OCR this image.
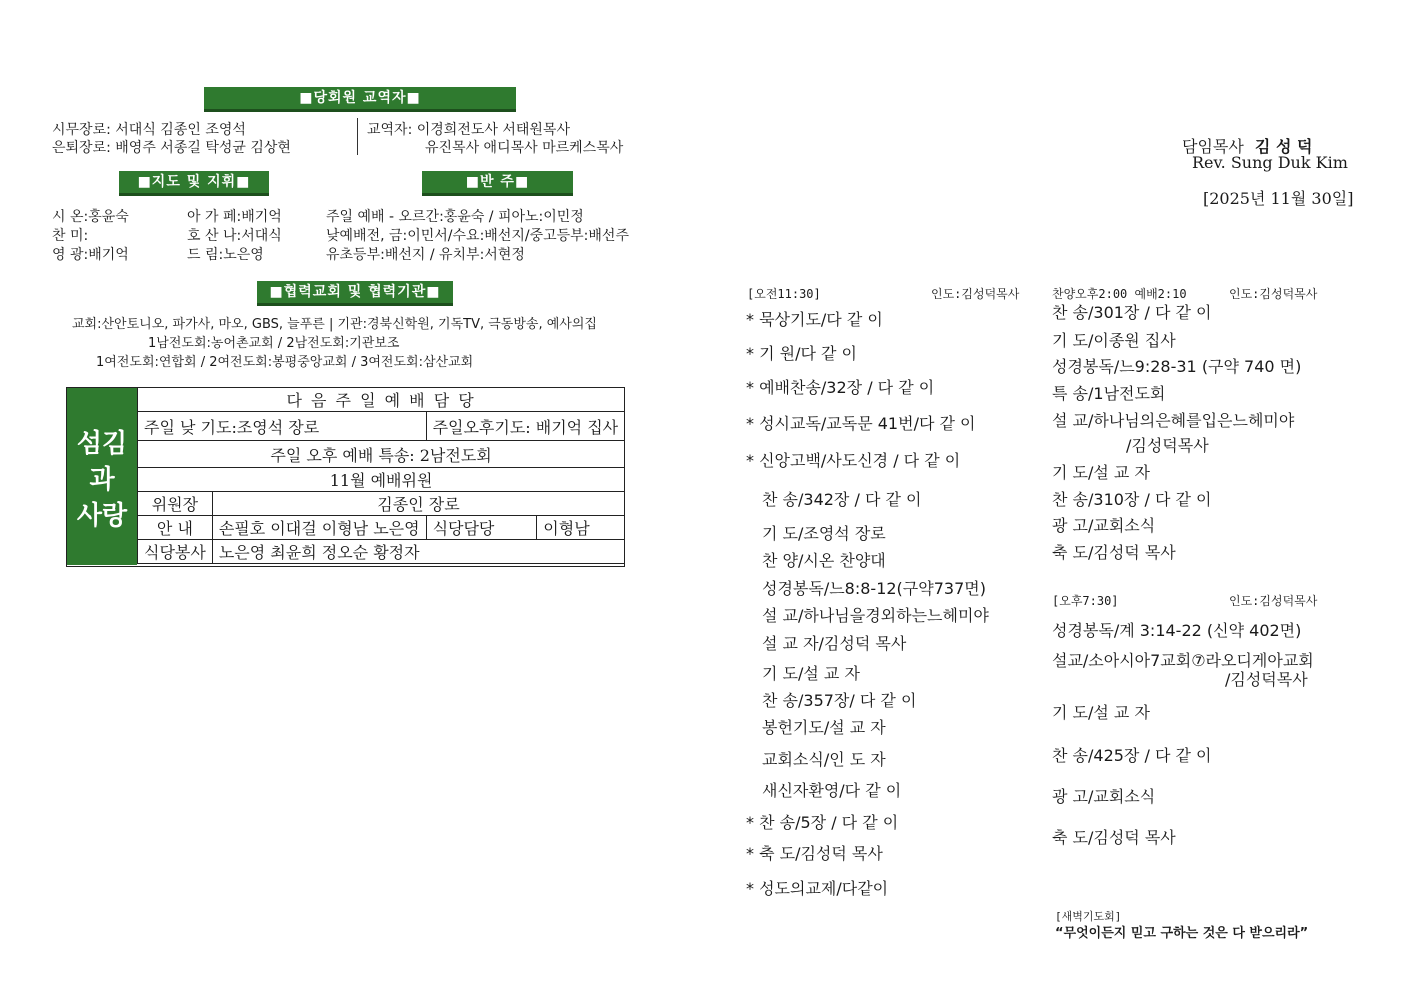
■당회원 교역자■
시무장로: 서대식 김종인 조영석
은퇴장로: 배영주 서종길 탁성균 김상현
교역자: 이경희전도사 서태원목사
유진목사 애디목사 마르케스목사
■지도 및 지휘■	■반 주■
시 온:홍윤숙	아 가 페:배기억	주일 예배 - 오르간:홍윤숙 / 피아노:이민정
찬 미:	호 산 나:서대식	낮예배전, 금:이민서/수요:배선지/중고등부:배선주
영 광:배기억	드 림:노은영	유초등부:배선지 / 유치부:서현정
■협력교회 및 협력기관■
교회:산안토니오, 파가사, 마오, GBS, 늘푸른 | 기관:경북신학원, 기독TV, 극동방송, 예사의집
1남전도회:농어촌교회 / 2남전도회:기관보조
1여전도회:연합회 / 2여전도회:봉평중앙교회 / 3여전도회:삼산교회
섬김
과
사랑
다 음 주 일 예 배 담 당			
주일 낮 기도:조영석 장로		주일오후기도: 배기억 집사	
주일 오후 예배 특송: 2남전도회			
11월 예배위원			
위원장	김종인 장로		
안 내	손필호 이대걸 이형남 노은영	식당담당	이형남
식당봉사	노은영 최윤희 정오순 황정자		
담임목사 김 성 덕
Rev. Sung Duk Kim
[2025년 11월 30일]
[오전11:30]	인도:김성덕목사
* 묵상기도/다 같 이
* 기 원/다 같 이
* 예배찬송/32장 / 다 같 이
* 성시교독/교독문 41번/다 같 이
* 신앙고백/사도신경 / 다 같 이
찬 송/342장 / 다 같 이
기 도/조영석 장로
찬 양/시온 찬양대
성경봉독/느8:8-12(구약737면)
설 교/하나님을경외하는느헤미야
설 교 자/김성덕 목사
기 도/설 교 자
찬 송/357장/ 다 같 이
봉헌기도/설 교 자
교회소식/인 도 자
새신자환영/다 같 이
* 찬 송/5장 / 다 같 이
* 축 도/김성덕 목사
* 성도의교제/다같이
찬양오후2:00 예배2:10	인도:김성덕목사
찬 송/301장 / 다 같 이
기 도/이종원 집사
성경봉독/느9:28-31 (구약 740 면)
특 송/1남전도회
설 교/하나님의은혜를입은느헤미야
/김성덕목사
기 도/설 교 자
찬 송/310장 / 다 같 이
광 고/교회소식
축 도/김성덕 목사
[오후7:30]	인도:김성덕목사
성경봉독/계 3:14-22 (신약 402면)
설교/소아시아7교회⑦라오디게아교회
/김성덕목사
기 도/설 교 자
찬 송/425장 / 다 같 이
광 고/교회소식
축 도/김성덕 목사
[새벽기도회]
“무엇이든지 믿고 구하는 것은 다 받으리라”
